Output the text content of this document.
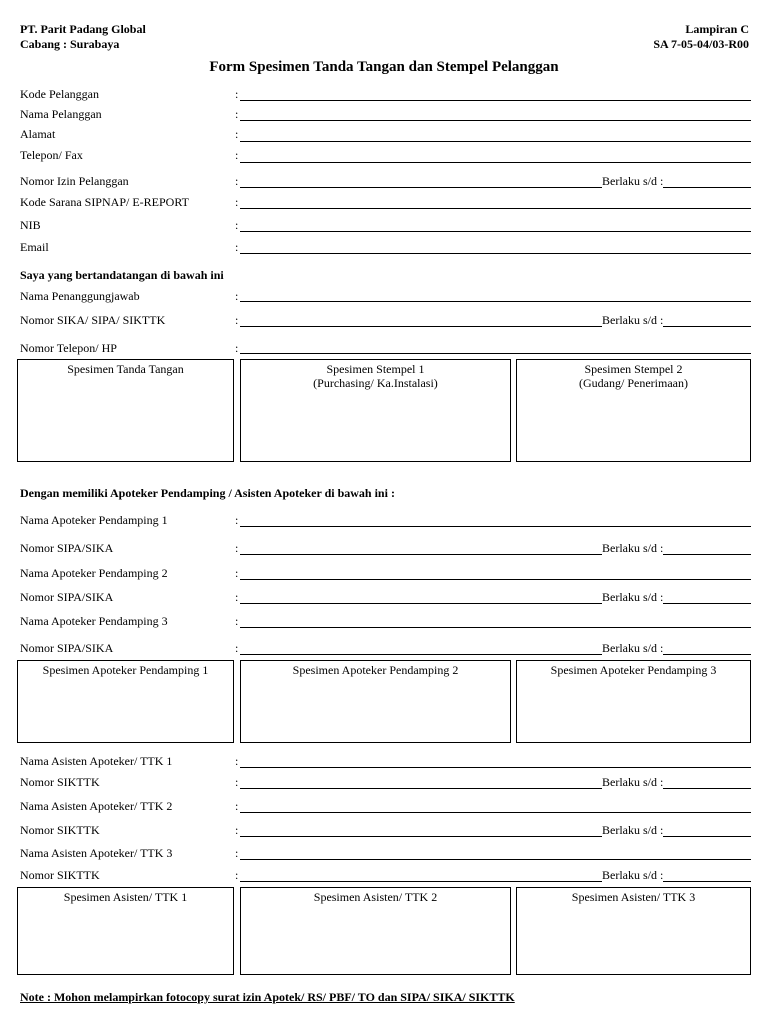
PT. Parit Padang Global
Cabang : Surabaya
Lampiran C
SA 7-05-04/03-R00
Form Spesimen Tanda Tangan dan Stempel Pelanggan
Kode Pelanggan	:
Nama Pelanggan	:
Alamat	:
Telepon/ Fax	:
Nomor Izin Pelanggan	:	Berlaku s/d :
Kode Sarana SIPNAP/ E-REPORT	:
NIB	:
Email	:
Saya yang bertandatangan di bawah ini
Nama Penanggungjawab	:
Nomor SIKA/ SIPA/ SIKTTK	:	Berlaku s/d :
Nomor Telepon/ HP	:
Spesimen Tanda Tangan	Spesimen Stempel 1
(Purchasing/ Ka.Instalasi)
Spesimen Stempel 2
(Gudang/ Penerimaan)
Dengan memiliki Apoteker Pendamping / Asisten Apoteker di bawah ini :
Nama Apoteker Pendamping 1	:
Nomor SIPA/SIKA	:	Berlaku s/d :
Nama Apoteker Pendamping 2	:
Nomor SIPA/SIKA	:	Berlaku s/d :
Nama Apoteker Pendamping 3	:
Nomor SIPA/SIKA	:	Berlaku s/d :
Spesimen Apoteker Pendamping 1	Spesimen Apoteker Pendamping 2	Spesimen Apoteker Pendamping 3
Nama Asisten Apoteker/ TTK 1	:
Nomor SIKTTK	:	Berlaku s/d :
Nama Asisten Apoteker/ TTK 2	:
Nomor SIKTTK	:	Berlaku s/d :
Nama Asisten Apoteker/ TTK 3	:
Nomor SIKTTK	:	Berlaku s/d :
Spesimen Asisten/ TTK 1	Spesimen Asisten/ TTK 2	Spesimen Asisten/ TTK 3
Note : Mohon melampirkan fotocopy surat izin Apotek/ RS/ PBF/ TO dan SIPA/ SIKA/ SIKTTK
